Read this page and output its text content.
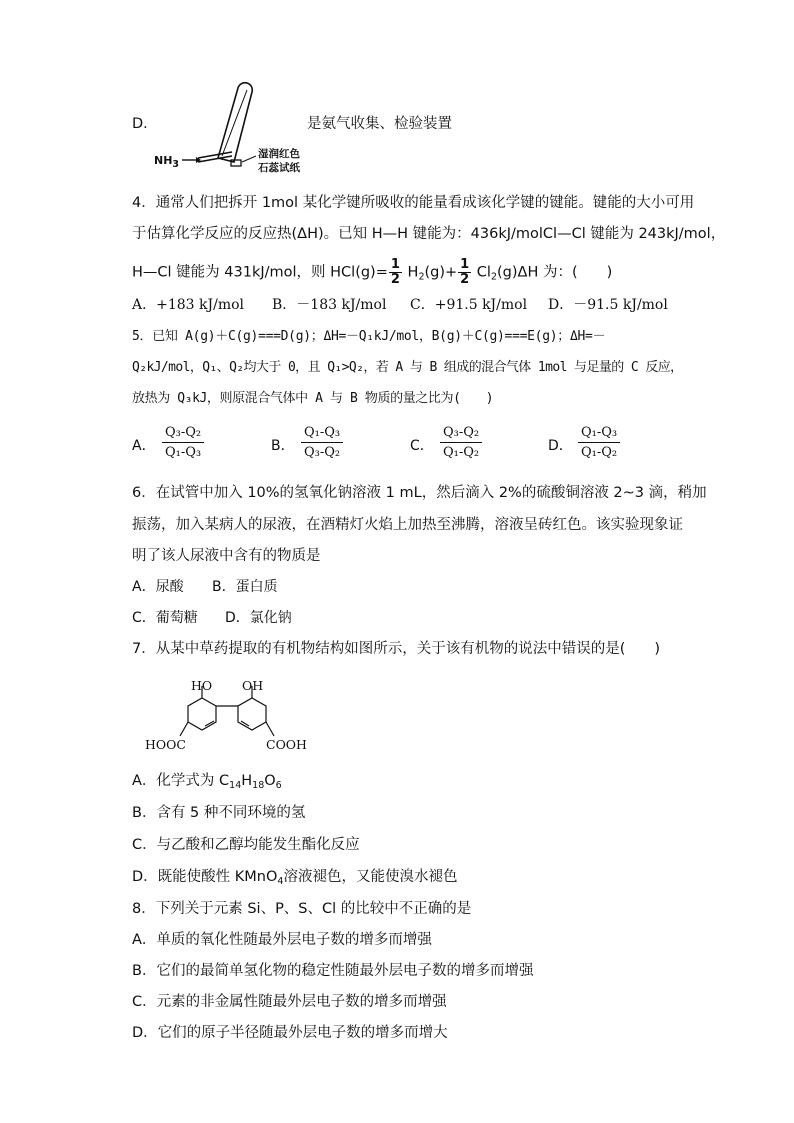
D．
$NH_3$
湿润红色
石蕊试纸
是氨气收集、检验装置
4．通常人们把拆开 1mol 某化学键所吸收的能量看成该化学键的键能。键能的大小可用
于估算化学反应的反应热(ΔH)。已知 H—H 键能为：436kJ/molCl—Cl 键能为 243kJ/mol，
H—Cl 键能为 431kJ/mol，则 $HCl(g)= \frac{1}{2} H_2(g)+ \frac{1}{2} Cl_2(g)\Delta H$ 为：(　　)
A．+183 kJ/mol B．－183 kJ/mol C．+91.5 kJ/mol D．－91.5 kJ/mol
5．已知 A(g)＋C(g)===D(g)；ΔH=－Q₁kJ/mol，B(g)＋C(g)===E(g)；ΔH=－
Q₂kJ/mol，Q₁、Q₂均大于 0，且 Q₁>Q₂，若 A 与 B 组成的混合气体 1mol 与足量的 C 反应，
放热为 Q₃kJ，则原混合气体中 A 与 B 物质的量之比为(　　)
A． $\frac{\text{Q₃-Q₂}}{\text{Q₁-Q₃}}$	B． $\frac{\text{Q₁-Q₃}}{\text{Q₃-Q₂}}$	C． $\frac{\text{Q₃-Q₂}}{\text{Q₁-Q₂}}$	D． $\frac{\text{Q₁-Q₃}}{\text{Q₁-Q₂}}$
6．在试管中加入 10%的氢氧化钠溶液 1 mL，然后滴入 2%的硫酸铜溶液 2~3 滴，稍加
振荡，加入某病人的尿液，在酒精灯火焰上加热至沸腾，溶液呈砖红色。该实验现象证
明了该人尿液中含有的物质是
A．尿酸 B．蛋白质
C．葡萄糖 D．氯化钠
7．从某中草药提取的有机物结构如图所示，关于该有机物的说法中错误的是(　　)
HO OH
HOOC	COOH
A．化学式为 $C_{14}H_{18}O_6$
B．含有 5 种不同环境的氢
C．与乙酸和乙醇均能发生酯化反应
D．既能使酸性 KMnO$_4$溶液褪色，又能使溴水褪色
8．下列关于元素 Si、P、S、Cl 的比较中不正确的是
A．单质的氧化性随最外层电子数的增多而增强
B．它们的最简单氢化物的稳定性随最外层电子数的增多而增强
C．元素的非金属性随最外层电子数的增多而增强
D．它们的原子半径随最外层电子数的增多而增大
